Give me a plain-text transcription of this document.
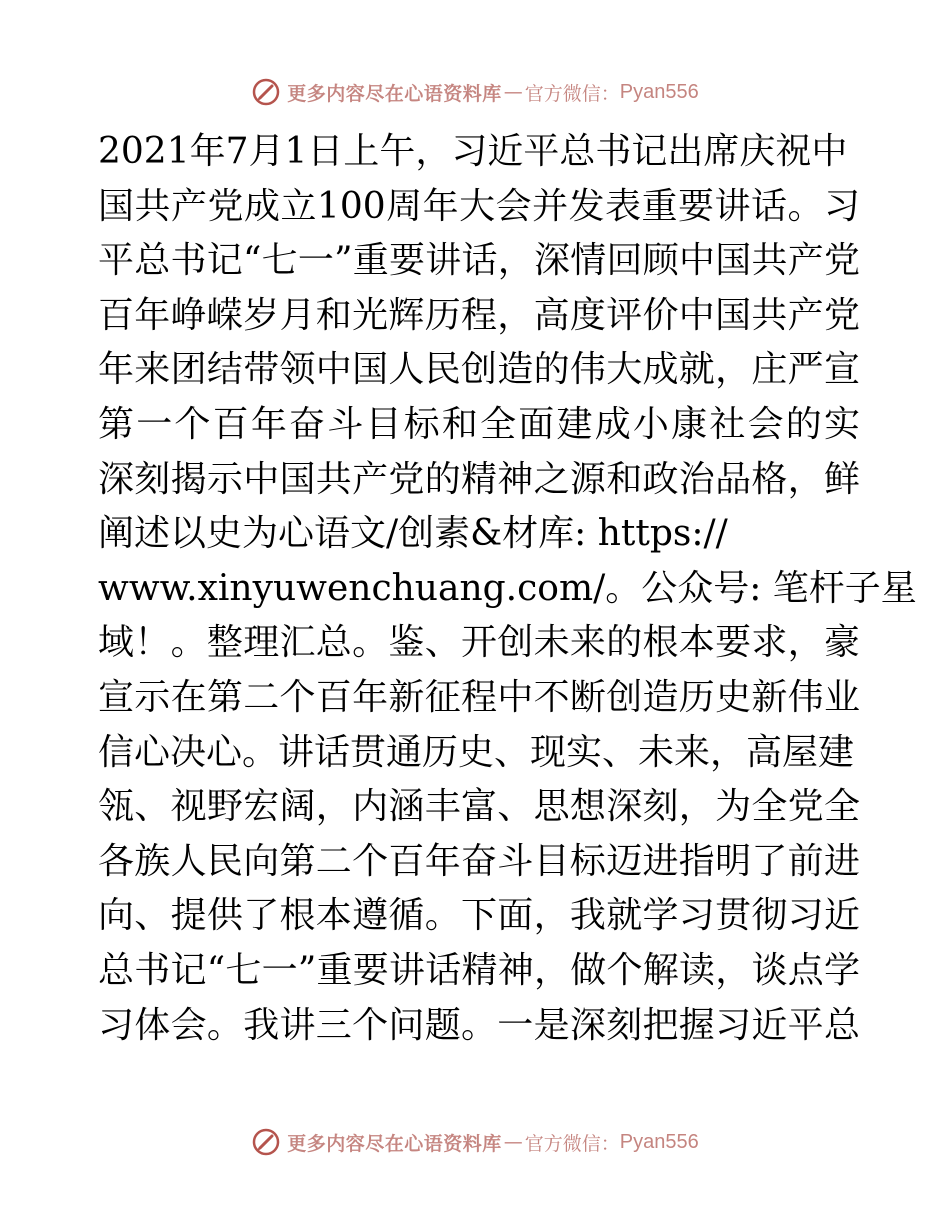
更多内容尽在心语资料库 — 官方微信： Pyan556
2021年7月1日上午，习近平总书记出席庆祝中
国共产党成立100周年大会并发表重要讲话。习
平总书记“七一”重要讲话，深情回顾中国共产党
百年峥嵘岁月和光辉历程，高度评价中国共产党
年来团结带领中国人民创造的伟大成就，庄严宣
第一个百年奋斗目标和全面建成小康社会的实
深刻揭示中国共产党的精神之源和政治品格，鲜
阐述以史为心语文/创素&材库: https://
www.xinyuwenchuang.com/。公众号: 笔杆子星
域！。整理汇总。鉴、开创未来的根本要求，豪
宣示在第二个百年新征程中不断创造历史新伟业
信心决心。讲话贯通历史、现实、未来，高屋建
瓴、视野宏阔，内涵丰富、思想深刻，为全党全
各族人民向第二个百年奋斗目标迈进指明了前进
向、提供了根本遵循。下面，我就学习贯彻习近
总书记“七一”重要讲话精神，做个解读，谈点学
习体会。我讲三个问题。一是深刻把握习近平总
更多内容尽在心语资料库 — 官方微信： Pyan556
